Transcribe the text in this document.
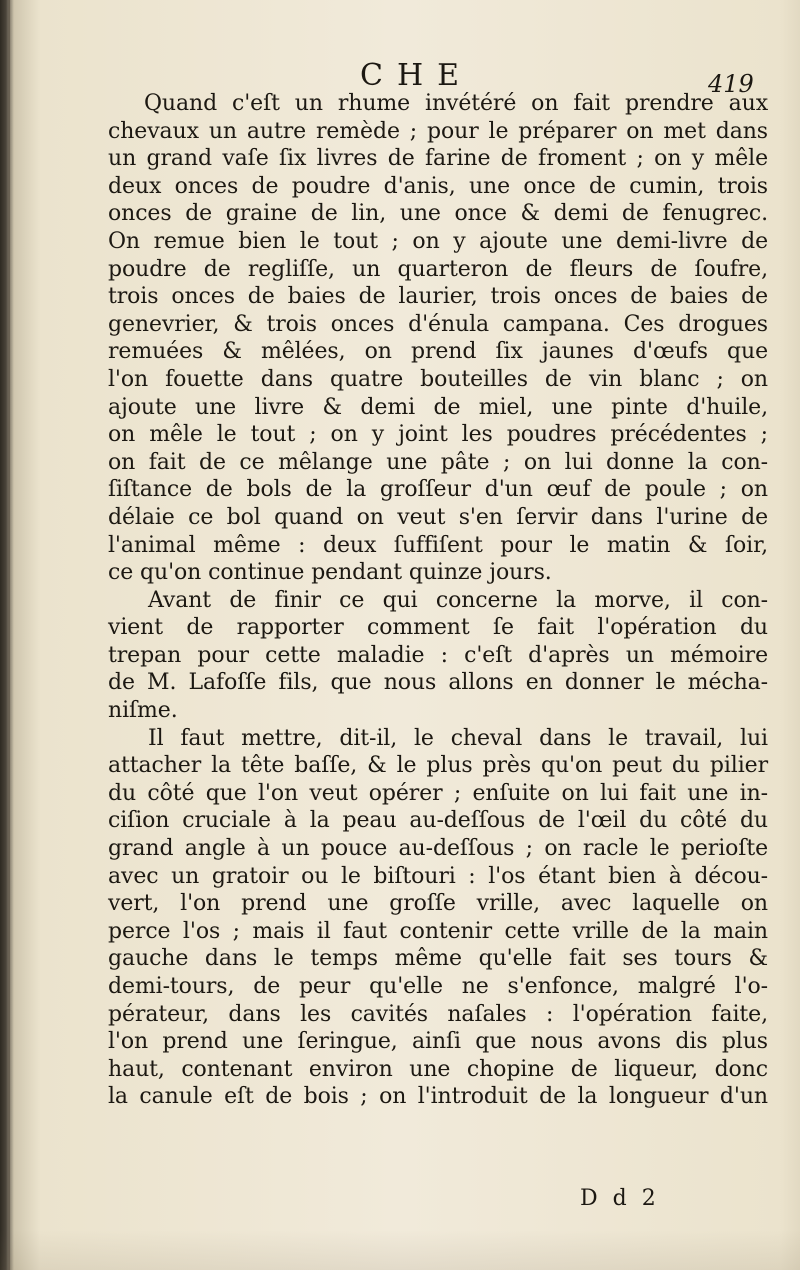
CHE	419
Quand c'eſt un rhume invétéré on fait prendre aux
chevaux un autre remède ; pour le préparer on met dans
un grand vaſe ſix livres de farine de froment ; on y mêle
deux onces de poudre d'anis, une once de cumin, trois
onces de graine de lin, une once & demi de fenugrec.
On remue bien le tout ; on y ajoute une demi-livre de
poudre de regliſſe, un quarteron de fleurs de ſoufre,
trois onces de baies de laurier, trois onces de baies de
genevrier, & trois onces d'énula campana. Ces drogues
remuées & mêlées, on prend ſix jaunes d'œufs que
l'on fouette dans quatre bouteilles de vin blanc ; on
ajoute une livre & demi de miel, une pinte d'huile,
on mêle le tout ; on y joint les poudres précédentes ;
on fait de ce mêlange une pâte ; on lui donne la con-
ſiſtance de bols de la groſſeur d'un œuf de poule ; on
délaie ce bol quand on veut s'en ſervir dans l'urine de
l'animal même : deux ſuffiſent pour le matin & ſoir,
ce qu'on continue pendant quinze jours.
Avant de finir ce qui concerne la morve, il con-
vient de rapporter comment ſe fait l'opération du
trepan pour cette maladie : c'eſt d'après un mémoire
de M. Lafoſſe fils, que nous allons en donner le mécha-
niſme.
Il faut mettre, dit-il, le cheval dans le travail, lui
attacher la tête baſſe, & le plus près qu'on peut du pilier
du côté que l'on veut opérer ; enſuite on lui fait une in-
ciſion cruciale à la peau au-deſſous de l'œil du côté du
grand angle à un pouce au-deſſous ; on racle le perioſte
avec un gratoir ou le biſtouri : l'os étant bien à décou-
vert, l'on prend une groſſe vrille, avec laquelle on
perce l'os ; mais il faut contenir cette vrille de la main
gauche dans le temps même qu'elle fait ses tours &
demi-tours, de peur qu'elle ne s'enfonce, malgré l'o-
pérateur, dans les cavités naſales : l'opération faite,
l'on prend une ſeringue, ainſi que nous avons dis plus
haut, contenant environ une chopine de liqueur, donc
la canule eſt de bois ; on l'introduit de la longueur d'un
D d 2
